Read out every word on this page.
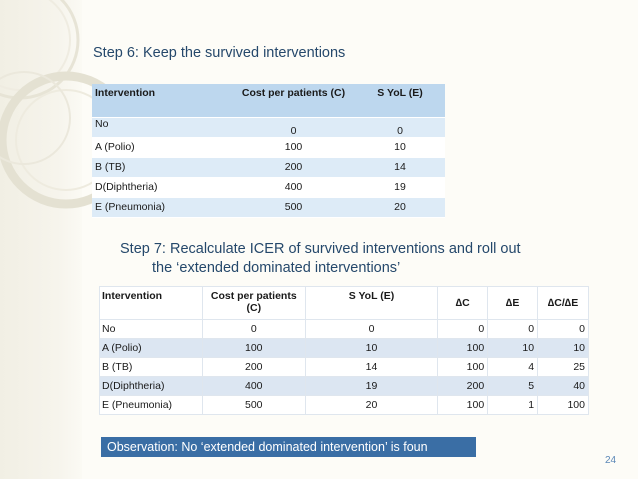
Step 6: Keep the survived interventions
Intervention	Cost per patients (C)	S YoL (E)
No	0	0
A (Polio)	100	10
B (TB)	200	14
D(Diphtheria)	400	19
E (Pneumonia)	500	20
Step 7: Recalculate ICER of survived interventions and roll out
the ‘extended dominated interventions’
Intervention	Cost per patients (C)	S YoL (E)	∆C	∆E	∆C/∆E
No	0	0	0	0	0
A (Polio)	100	10	100	10	10
B (TB)	200	14	100	4	25
D(Diphtheria)	400	19	200	5	40
E (Pneumonia)	500	20	100	1	100
Observation: No ‘extended dominated intervention’ is foun
24
